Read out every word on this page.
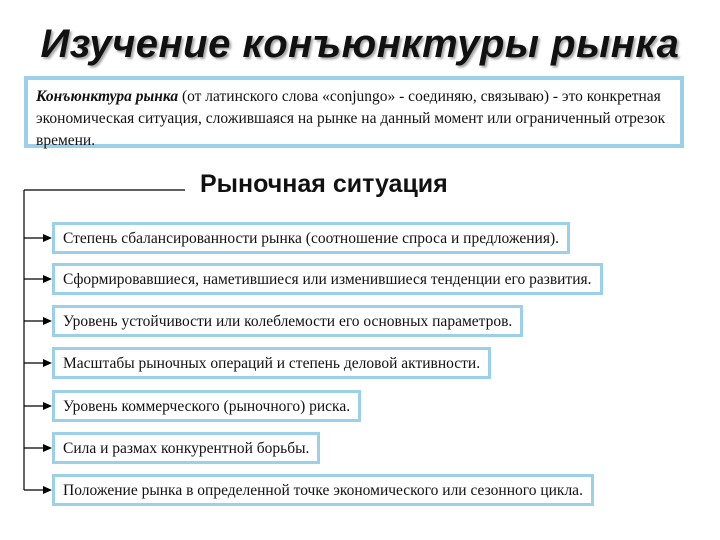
Изучение конъюнктуры рынка
Конъюнктура рынка (от латинского слова «conjungo» - соединяю, связываю) - это конкретная экономическая ситуация, сложившаяся на рынке на данный момент или ограниченный отрезок времени.
Степень сбалансированности рынка (соотношение спроса и предложения).
Сформировавшиеся, наметившиеся или изменившиеся тенденции его развития.
Уровень устойчивости или колеблемости его основных параметров.
Масштабы рыночных операций и степень деловой активности.
Уровень коммерческого (рыночного) риска.
Сила и размах конкурентной борьбы.
Положение рынка в определенной точке экономического или сезонного цикла.
Рыночная ситуация
